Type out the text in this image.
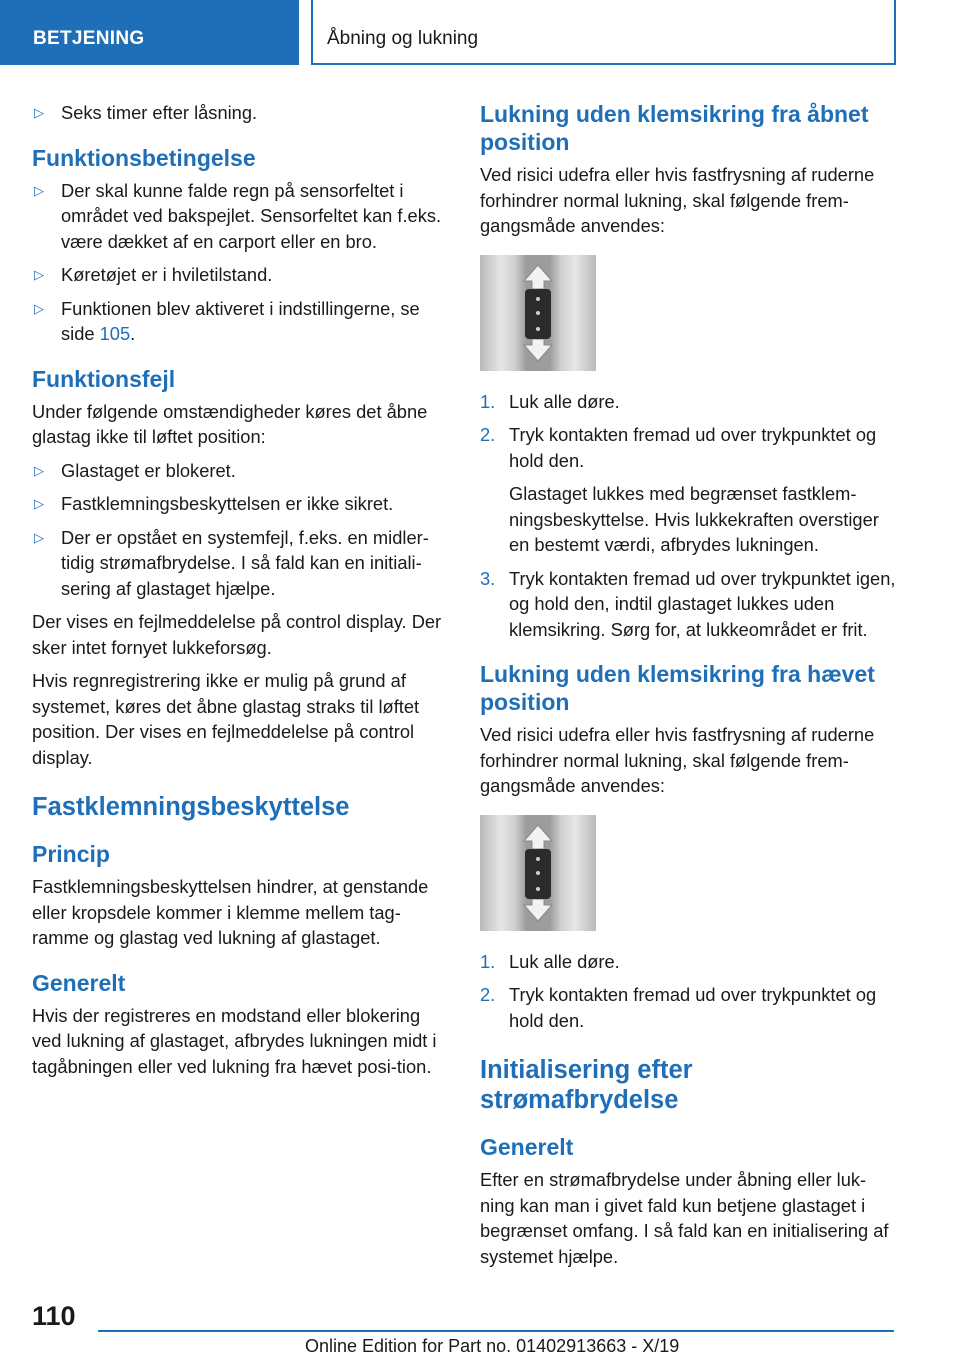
BETJENING	Åbning og lukning
▷ Seks timer efter låsning.
Funktionsbetingelse
▷ Der skal kunne falde regn på sensorfeltet i området ved bakspejlet. Sensorfeltet kan f.eks. være dækket af en carport eller en bro.
▷ Køretøjet er i hviletilstand.
▷ Funktionen blev aktiveret i indstillingerne, se side 105.
Funktionsfejl

Under følgende omstændigheder køres det åbne glastag ikke til løftet position:

▷ Glastaget er blokeret.
▷ Fastklemningsbeskyttelsen er ikke sikret.
▷ Der er opstået en systemfejl, f.eks. en midler‐tidig strømafbrydelse. I så fald kan en initiali‐sering af glastaget hjælpe.

Der vises en fejlmeddelelse på control display. Der sker intet fornyet lukkeforsøg.

Hvis regnregistrering ikke er mulig på grund af systemet, køres det åbne glastag straks til løftet position. Der vises en fejlmeddelelse på control display.

Fastklemningsbeskyttelse
Princip

Fastklemningsbeskyttelsen hindrer, at genstande eller kropsdele kommer i klemme mellem tag‐ramme og glastag ved lukning af glastaget.

Generelt

Hvis der registreres en modstand eller blokering ved lukning af glastaget, afbrydes lukningen midt i tagåbningen eller ved lukning fra hævet posi‐tion.

Lukning uden klemsikring fra åbnet position

Ved risici udefra eller hvis fastfrysning af ruderne forhindrer normal lukning, skal følgende frem‐gangsmåde anvendes:

1. Luk alle døre.
2. Tryk kontakten fremad ud over trykpunktet og hold den.
Glastaget lukkes med begrænset fastklem‐ningsbeskyttelse. Hvis lukkekraften overstiger en bestemt værdi, afbrydes lukningen.
3. Tryk kontakten fremad ud over trykpunktet igen, og hold den, indtil glastaget lukkes uden klemsikring. Sørg for, at lukkeområdet er frit.
Lukning uden klemsikring fra hævet position

Ved risici udefra eller hvis fastfrysning af ruderne forhindrer normal lukning, skal følgende frem‐gangsmåde anvendes:

1. Luk alle døre.
2. Tryk kontakten fremad ud over trykpunktet og hold den.
Initialisering efter strømafbrydelse
Generelt

Efter en strømafbrydelse under åbning eller luk‐ning kan man i givet fald kun betjene glastaget i begrænset omfang. I så fald kan en initialisering af systemet hjælpe.

110
Online Edition for Part no. 01402913663 - X/19
